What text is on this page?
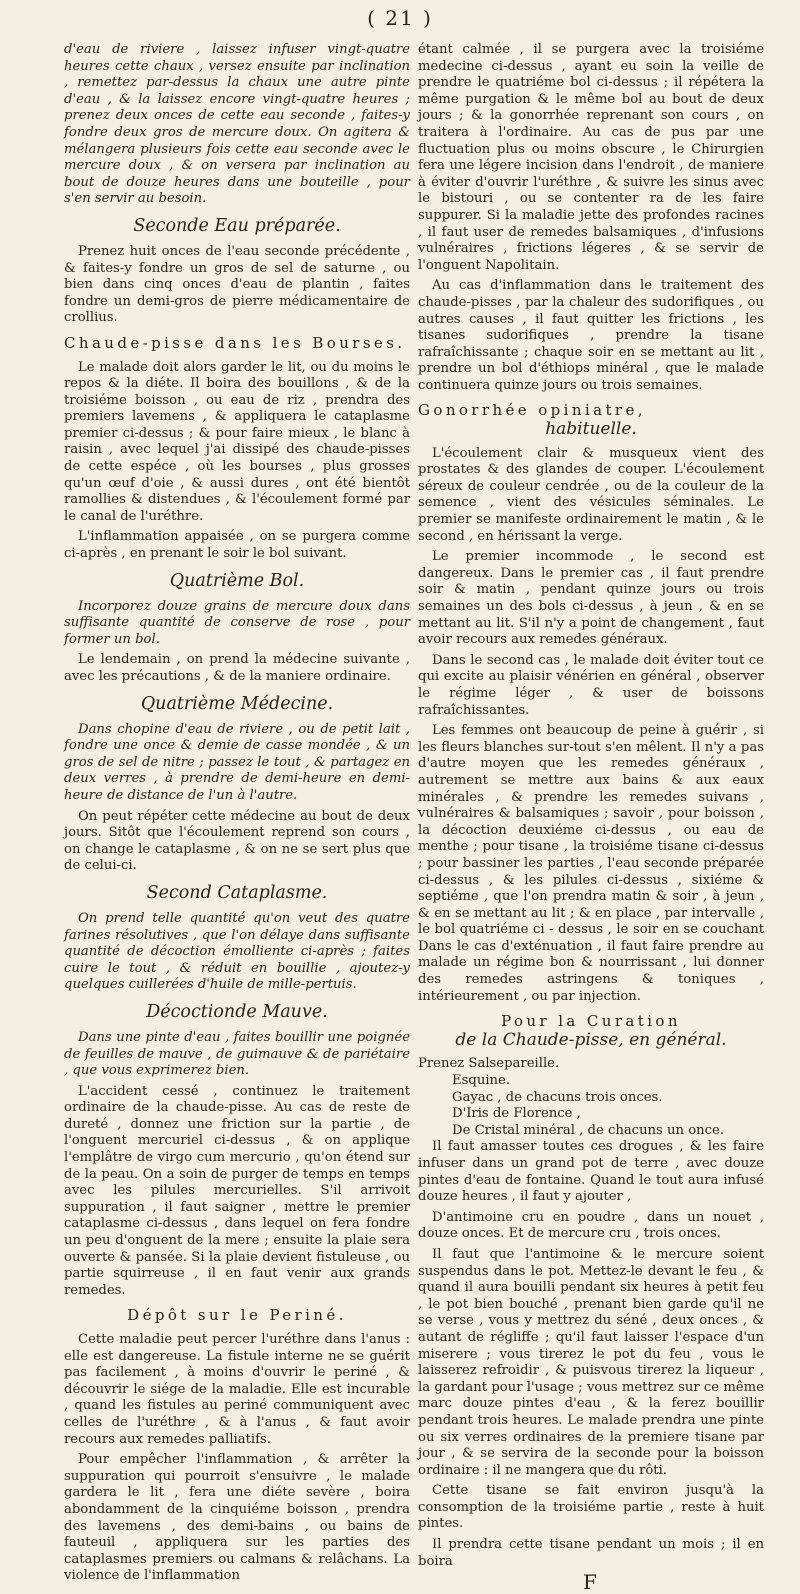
( 21 )

d'eau de riviere , laissez infuser vingt-quatre heures cette chaux , versez ensuite par inclination , remettez par-dessus la chaux une autre pinte d'eau , & la laissez encore vingt-quatre heures ; prenez deux onces de cette eau seconde , faites-y fondre deux gros de mercure doux. On agitera & mélangera plusieurs fois cette eau seconde avec le mercure doux , & on versera par inclination au bout de douze heures dans une bouteille , pour s'en servir au besoin.

Seconde Eau préparée.

Prenez huit onces de l'eau seconde précédente , & faites-y fondre un gros de sel de saturne , ou bien dans cinq onces d'eau de plantin , faites fondre un demi-gros de pierre médicamentaire de crollius.

Chaude-pisse dans les Bourses.

Le malade doit alors garder le lit, ou du moins le repos & la diéte. Il boira des bouillons , & de la troisiéme boisson , ou eau de riz , prendra des premiers lavemens , & appliquera le cataplasme premier ci-dessus ; & pour faire mieux , le blanc à raisin , avec lequel j'ai dissipé des chaude-pisses de cette espéce , où les bourses , plus grosses qu'un œuf d'oie , & aussi dures , ont été bientôt ramollies & distendues , & l'écoulement formé par le canal de l'uréthre.

L'inflammation appaisée , on se purgera comme ci-après , en prenant le soir le bol suivant.

Quatrième Bol.

Incorporez douze grains de mercure doux dans suffisante quantité de conserve de rose , pour former un bol.

Le lendemain , on prend la médecine suivante , avec les précautions , & de la maniere ordinaire.

Quatrième Médecine.

Dans chopine d'eau de riviere , ou de petit lait , fondre une once & demie de casse mondée , & un gros de sel de nitre ; passez le tout , & partagez en deux verres , à prendre de demi-heure en demi-heure de distance de l'un à l'autre.

On peut répéter cette médecine au bout de deux jours. Sitôt que l'écoulement reprend son cours , on change le cataplasme , & on ne se sert plus que de celui-ci.

Second Cataplasme.

On prend telle quantité qu'on veut des quatre farines résolutives , que l'on délaye dans suffisante quantité de décoction émolliente ci-après ; faites cuire le tout , & réduit en bouillie , ajoutez-y quelques cuillerées d'huile de mille-pertuis.

Décoctionde Mauve.

Dans une pinte d'eau , faites bouillir une poignée de feuilles de mauve , de guimauve & de pariétaire , que vous exprimerez bien.

L'accident cessé , continuez le traitement ordinaire de la chaude-pisse. Au cas de reste de dureté , donnez une friction sur la partie , de l'onguent mercuriel ci-dessus , & on applique l'emplâtre de virgo cum mercurio , qu'on étend sur de la peau. On a soin de purger de temps en temps avec les pilules mercurielles. S'il arrivoit suppuration , il faut saigner , mettre le premier cataplasme ci-dessus , dans lequel on fera fondre un peu d'onguent de la mere ; ensuite la plaie sera ouverte & pansée. Si la plaie devient fistuleuse , ou partie squirreuse , il en faut venir aux grands remedes.

Dépôt sur le Periné.

Cette maladie peut percer l'uréthre dans l'anus : elle est dangereuse. La fistule interne ne se guérit pas facilement , à moins d'ouvrir le periné , & découvrir le siége de la maladie. Elle est incurable , quand les fistules au periné communiquent avec celles de l'uréthre , & à l'anus , & faut avoir recours aux remedes palliatifs.

Pour empêcher l'inflammation , & arrêter la suppuration qui pourroit s'ensuivre , le malade gardera le lit , fera une diéte sevère , boira abondamment de la cinquiéme boisson , prendra des lavemens , des demi-bains , ou bains de fauteuil , appliquera sur les parties des cataplasmes premiers ou calmans & relâchans. La violence de l'inflammation

étant calmée , il se purgera avec la troisiéme medecine ci-dessus , ayant eu soin la veille de prendre le quatriéme bol ci-dessus ; il répétera la même purgation & le même bol au bout de deux jours ; & la gonorrhée reprenant son cours , on traitera à l'ordinaire. Au cas de pus par une fluctuation plus ou moins obscure , le Chirurgien fera une légere incision dans l'endroit , de maniere à éviter d'ouvrir l'uréthre , & suivre les sinus avec le bistouri , ou se contenter ra de les faire suppurer. Si la maladie jette des profondes racines , il faut user de remedes balsamiques , d'infusions vulnéraires , frictions légeres , & se servir de l'onguent Napolitain.

Au cas d'inflammation dans le traitement des chaude-pisses , par la chaleur des sudorifiques , ou autres causes , il faut quitter les frictions , les tisanes sudorifiques , prendre la tisane rafraîchissante ; chaque soir en se mettant au lit , prendre un bol d'éthiops minéral , que le malade continuera quinze jours ou trois semaines.

Gonorrhée opiniatre,
habituelle.

L'écoulement clair & musqueux vient des prostates & des glandes de couper. L'écoulement séreux de couleur cendrée , ou de la couleur de la semence , vient des vésicules séminales. Le premier se manifeste ordinairement le matin , & le second , en hérissant la verge.

Le premier incommode , le second est dangereux. Dans le premier cas , il faut prendre soir & matin , pendant quinze jours ou trois semaines un des bols ci-dessus , à jeun , & en se mettant au lit. S'il n'y a point de changement , faut avoir recours aux remedes généraux.

Dans le second cas , le malade doit éviter tout ce qui excite au plaisir vénérien en général , observer le régime léger , & user de boissons rafraîchissantes.

Les femmes ont beaucoup de peine à guérir , si les fleurs blanches sur-tout s'en mêlent. Il n'y a pas d'autre moyen que les remedes généraux , autrement se mettre aux bains & aux eaux minérales , & prendre les remedes suivans , vulnéraires & balsamiques ; savoir , pour boisson , la décoction deuxiéme ci-dessus , ou eau de menthe ; pour tisane , la troisiéme tisane ci-dessus ; pour bassiner les parties , l'eau seconde préparée ci-dessus , & les pilules ci-dessus , sixiéme & septiéme , que l'on prendra matin & soir , à jeun , & en se mettant au lit ; & en place , par intervalle , le bol quatriéme ci - dessus , le soir en se couchant Dans le cas d'exténuation , il faut faire prendre au malade un régime bon & nourrissant , lui donner des remedes astringens & toniques , intérieurement , ou par injection.

Pour la Curation
de la Chaude-pisse, en général.
Prenez Salsepareille.
Esquine.
Gayac , de chacuns trois onces.
D'Iris de Florence ,
De Cristal minéral , de chacuns un once.

Il faut amasser toutes ces drogues , & les faire infuser dans un grand pot de terre , avec douze pintes d'eau de fontaine. Quand le tout aura infusé douze heures , il faut y ajouter ,

D'antimoine cru en poudre , dans un nouet , douze onces. Et de mercure cru , trois onces.

Il faut que l'antimoine & le mercure soient suspendus dans le pot. Mettez-le devant le feu , & quand il aura bouilli pendant six heures à petit feu , le pot bien bouché , prenant bien garde qu'il ne se verse , vous y mettrez du séné , deux onces , & autant de régliffe ; qu'il faut laisser l'espace d'un miserere ; vous tirerez le pot du feu , vous le laisserez refroidir , & puisvous tirerez la liqueur , la gardant pour l'usage ; vous mettrez sur ce même marc douze pintes d'eau , & la ferez bouillir pendant trois heures. Le malade prendra une pinte ou six verres ordinaires de la premiere tisane par jour , & se servira de la seconde pour la boisson ordinaire : il ne mangera que du rôti.

Cette tisane se fait environ jusqu'à la consomption de la troisiéme partie , reste à huit pintes.

Il prendra cette tisane pendant un mois ; il en boira

F
